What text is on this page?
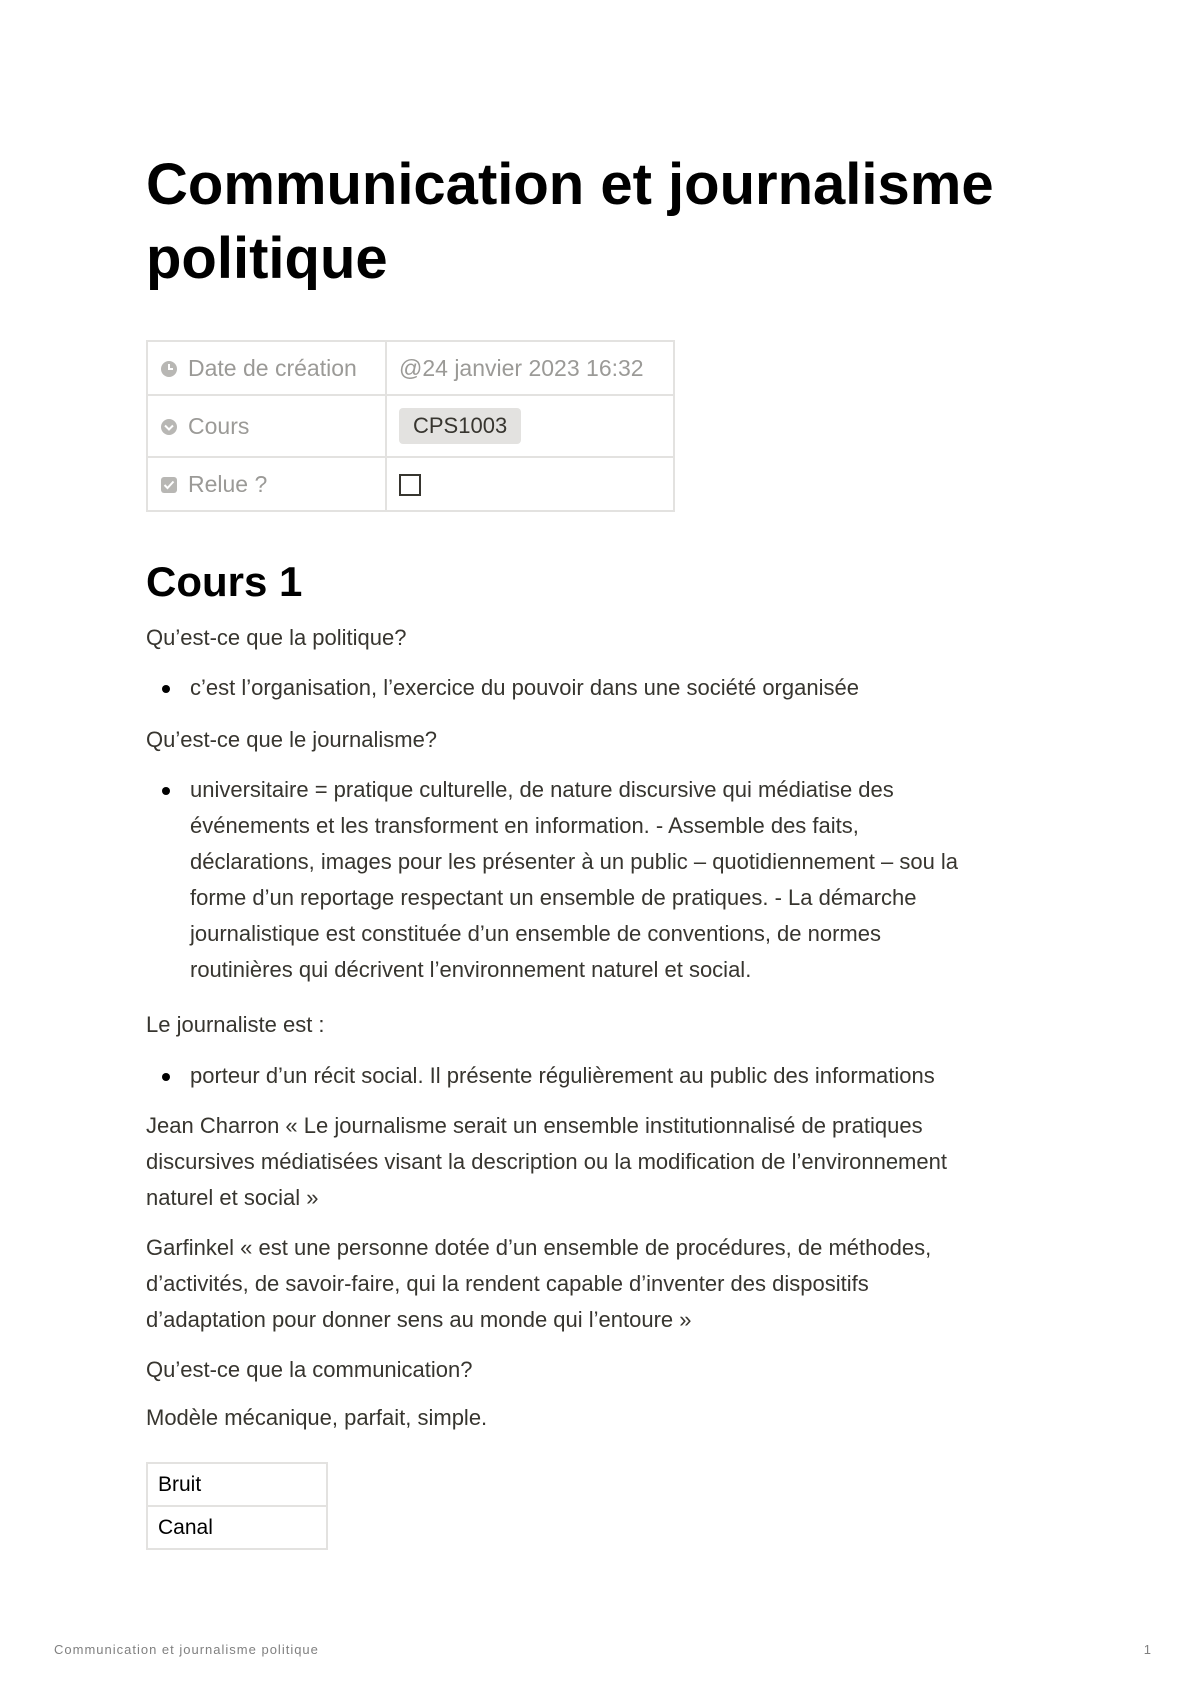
Communication et journalisme politique
Date de création	@24 janvier 2023 16:32
Cours	CPS1003
Relue ?	
Cours 1

Qu’est-ce que la politique?

c’est l’organisation, l’exercice du pouvoir dans une société organisée

Qu’est-ce que le journalisme?

universitaire = pratique culturelle, de nature discursive qui médiatise des
événements et les transforment en information. - Assemble des faits,
déclarations, images pour les présenter à un public – quotidiennement – sou la
forme d’un reportage respectant un ensemble de pratiques. - La démarche
journalistique est constituée d’un ensemble de conventions, de normes
routinières qui décrivent l’environnement naturel et social.

Le journaliste est :

porteur d’un récit social. Il présente régulièrement au public des informations
Jean Charron « Le journalisme serait un ensemble institutionnalisé de pratiques
discursives médiatisées visant la description ou la modification de l’environnement
naturel et social »
Garfinkel « est une personne dotée d’un ensemble de procédures, de méthodes,
d’activités, de savoir-faire, qui la rendent capable d’inventer des dispositifs
d’adaptation pour donner sens au monde qui l’entoure »

Qu’est-ce que la communication?

Modèle mécanique, parfait, simple.

Bruit
Canal
Communication et journalisme politique	1
